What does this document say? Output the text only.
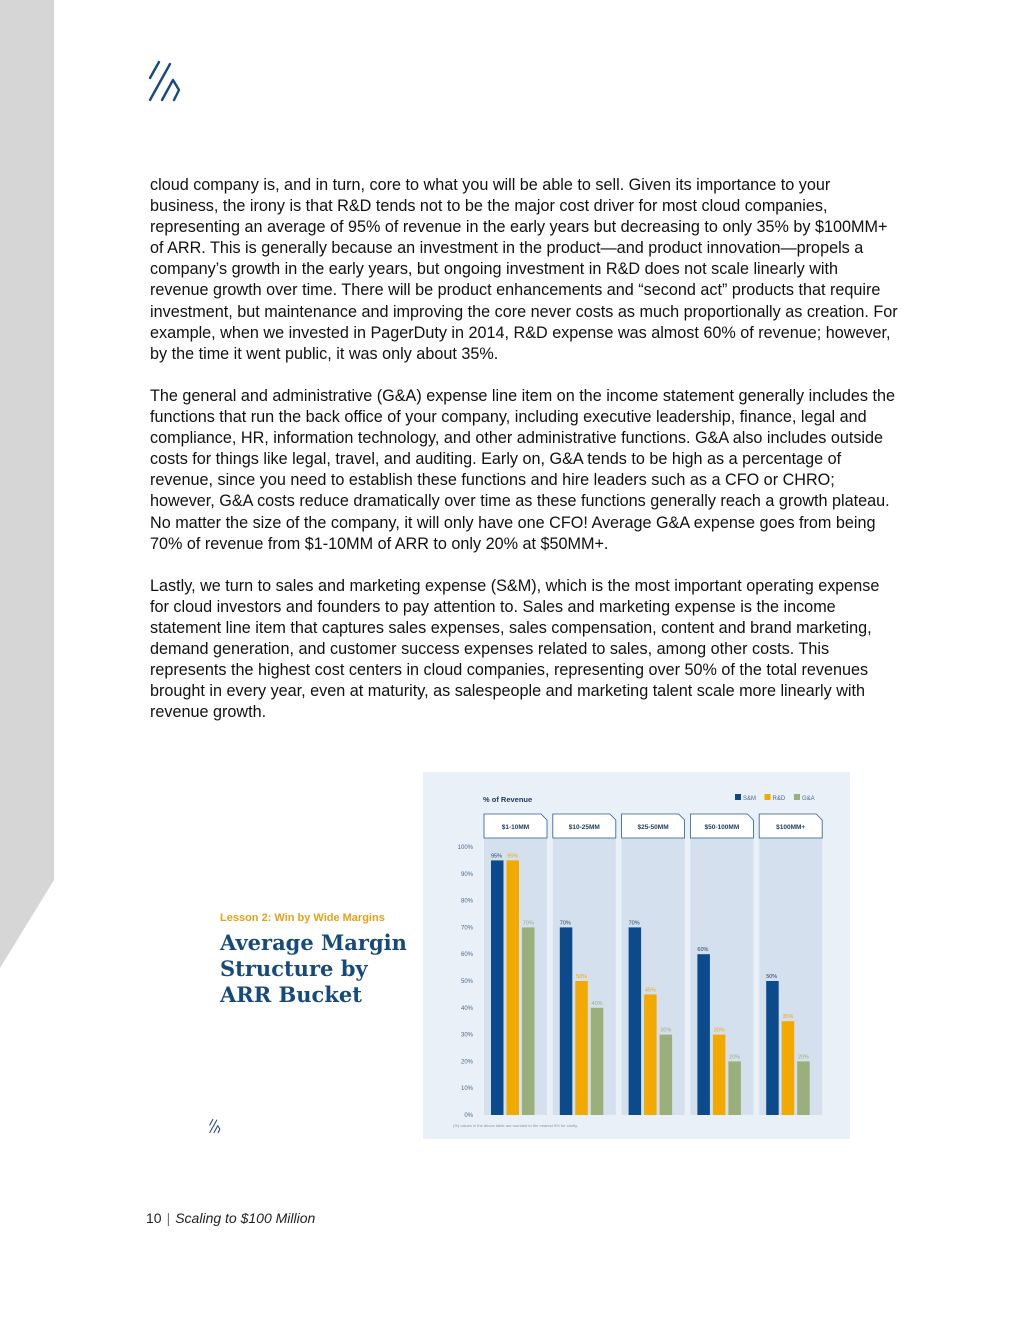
cloud company is, and in turn, core to what you will be able to sell. Given its importance to your business, the irony is that R&D tends not to be the major cost driver for most cloud companies, representing an average of 95% of revenue in the early years but decreasing to only 35% by $100MM+ of ARR. This is generally because an investment in the product—and product innovation—propels a company’s growth in the early years, but ongoing investment in R&D does not scale linearly with revenue growth over time. There will be product enhancements and “second act” products that require investment, but maintenance and improving the core never costs as much proportionally as creation. For example, when we invested in PagerDuty in 2014, R&D expense was almost 60% of revenue; however, by the time it went public, it was only about 35%.

The general and administrative (G&A) expense line item on the income statement generally includes the functions that run the back office of your company, including executive leadership, finance, legal and compliance, HR, information technology, and other administrative functions. G&A also includes outside costs for things like legal, travel, and auditing. Early on, G&A tends to be high as a percentage of revenue, since you need to establish these functions and hire leaders such as a CFO or CHRO; however, G&A costs reduce dramatically over time as these functions generally reach a growth plateau. No matter the size of the company, it will only have one CFO! Average G&A expense goes from being 70% of revenue from $1-10MM of ARR to only 20% at $50MM+.

Lastly, we turn to sales and marketing expense (S&M), which is the most important operating expense for cloud investors and founders to pay attention to. Sales and marketing expense is the income statement line item that captures sales expenses, sales compensation, content and brand marketing, demand generation, and customer success expenses related to sales, among other costs. This represents the highest cost centers in cloud companies, representing over 50% of the total revenues brought in every year, even at maturity, as salespeople and marketing talent scale more linearly with revenue growth.

Lesson 2: Win by Wide Margins
Average Margin Structure by ARR Bucket
% of Revenue	S&M	R&D	G&A
$1-10MM	$10-25MM	$25-50MM	$50-100MM	$100MM+
0%
10%
20%
30%
40%
50%
60%
70%
80%
90%
100%
95% 95%
70%	70%
50%
40%
70%
45%
30%
60%
30%
20%
50%
35%
20%
(%) values in the above table are rounded to the nearest 5% for clarity.
10 | Scaling to $100 Million
